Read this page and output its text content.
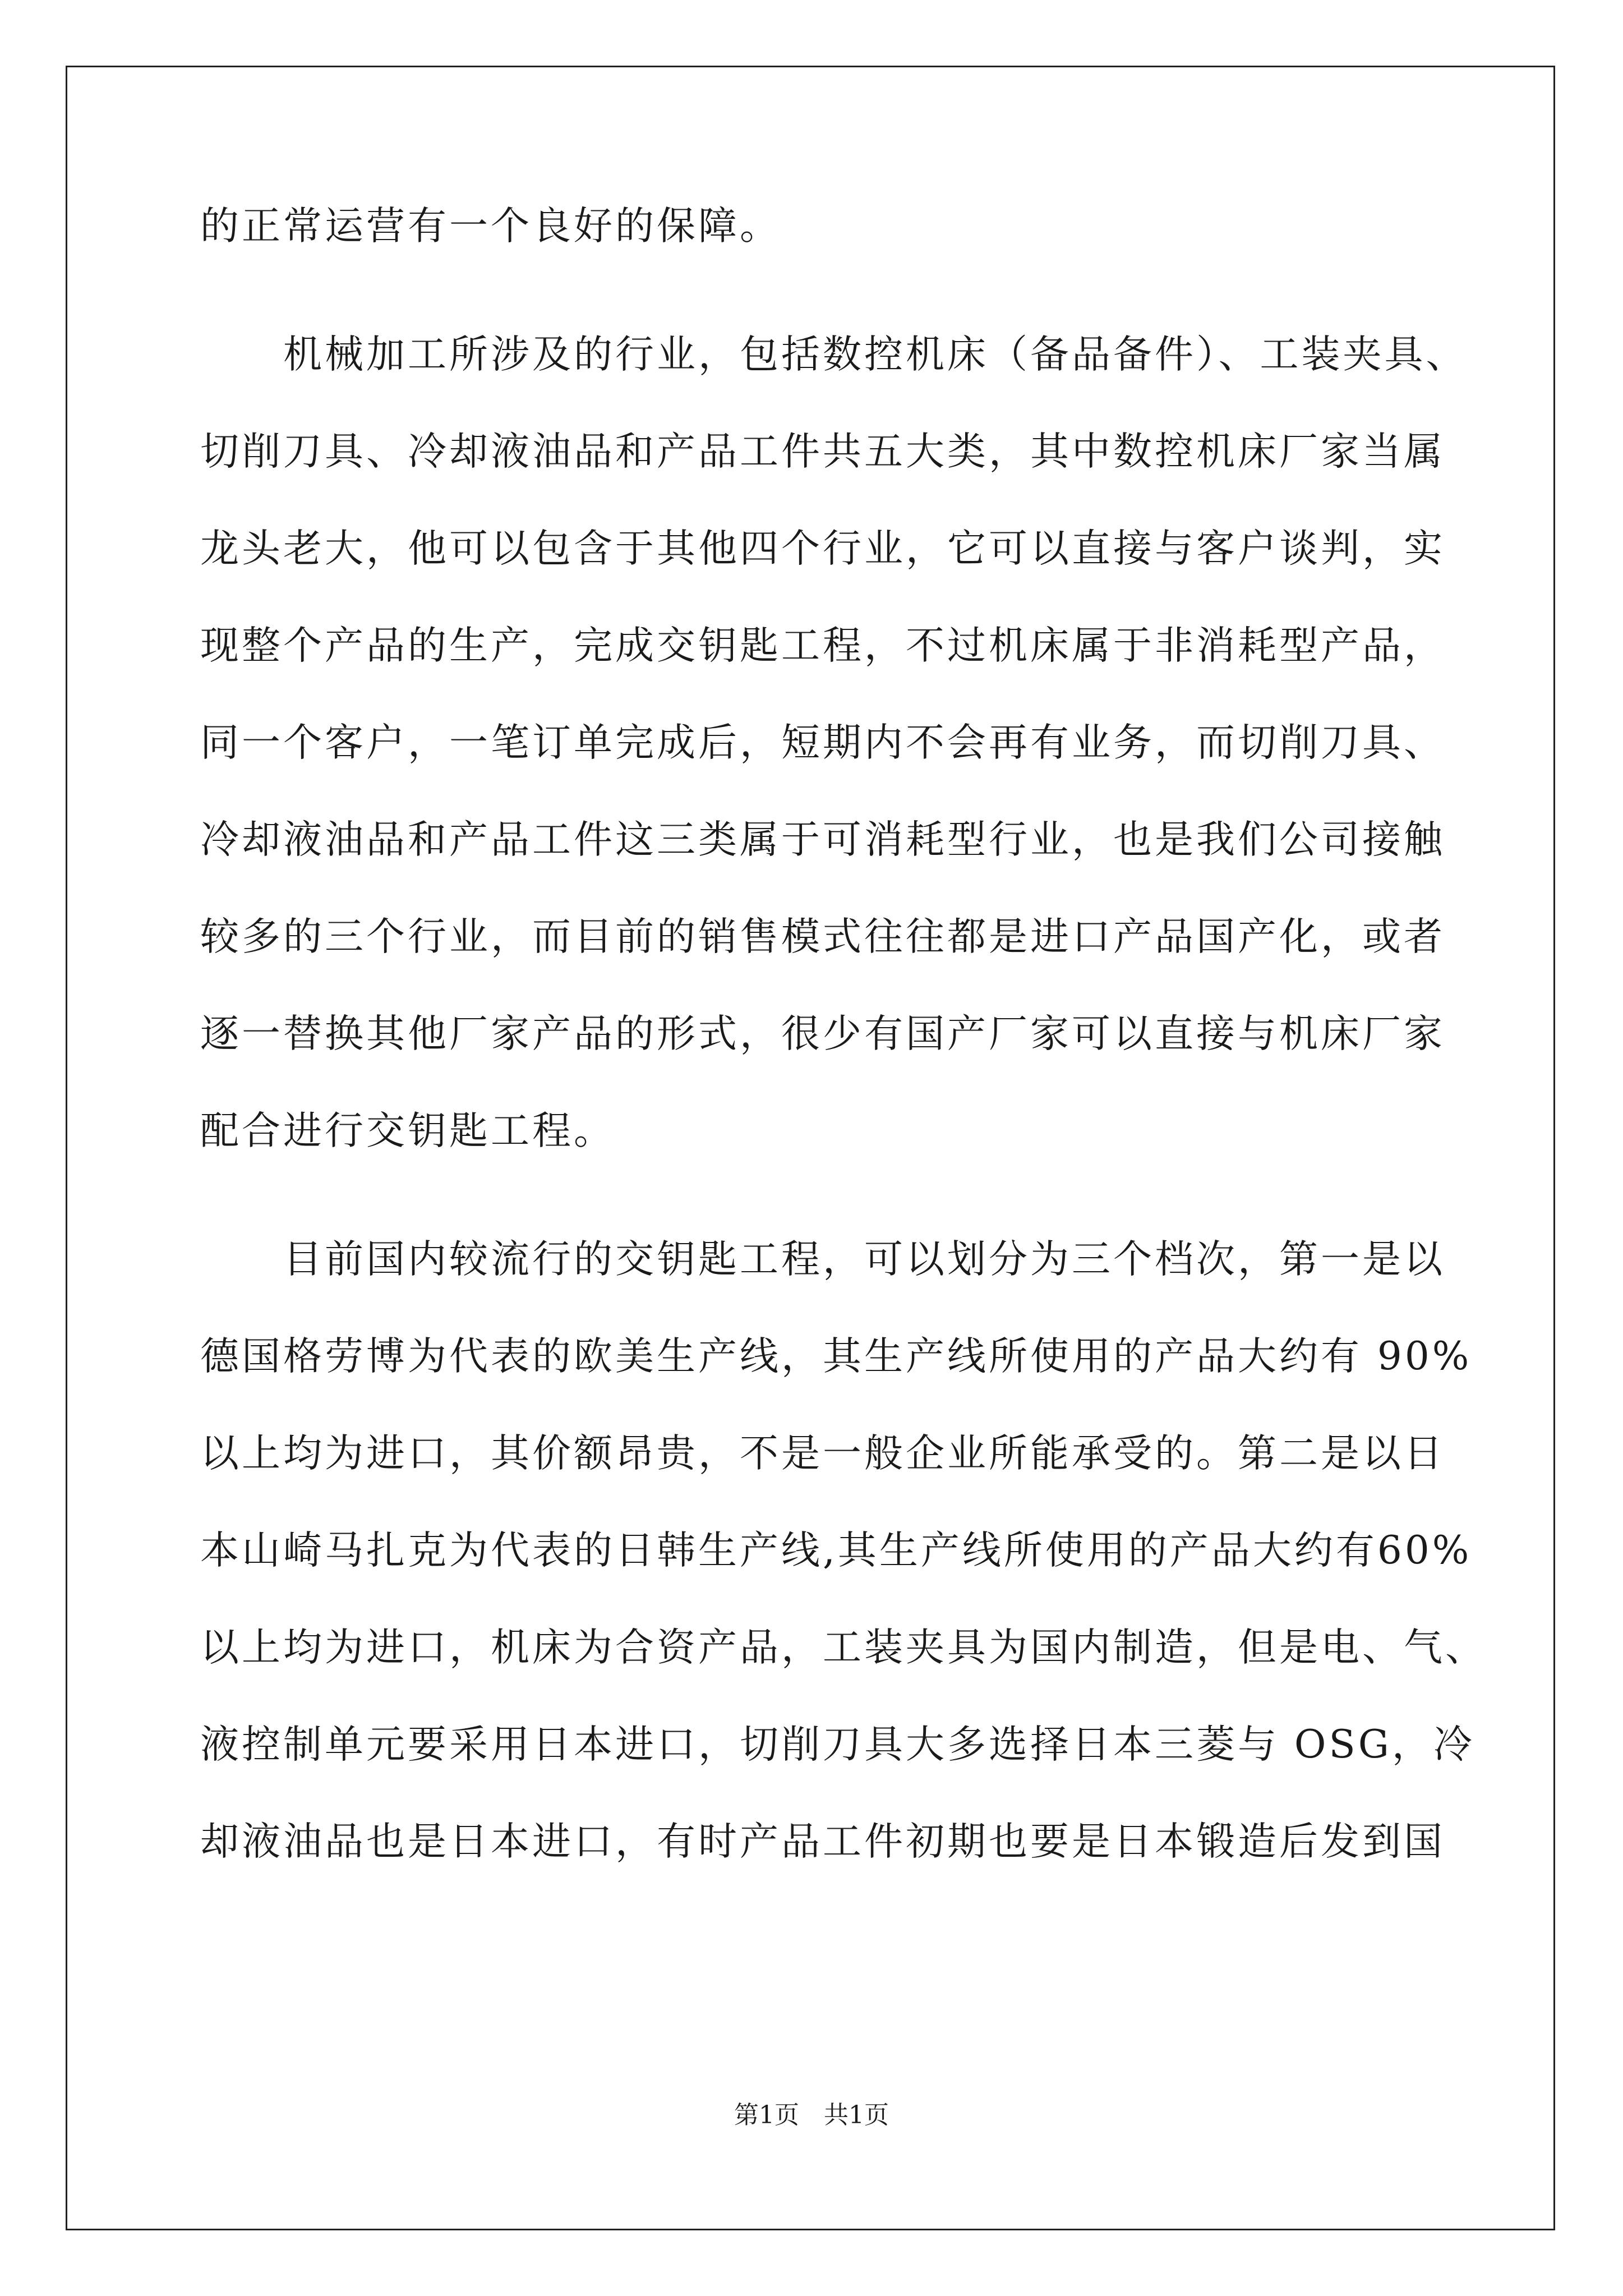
的正常运营有一个良好的保障。
　　机械加工所涉及的行业，包括数控机床（备品备件）、工装夹具、
切削刀具、冷却液油品和产品工件共五大类，其中数控机床厂家当属
龙头老大，他可以包含于其他四个行业，它可以直接与客户谈判，实
现整个产品的生产，完成交钥匙工程，不过机床属于非消耗型产品，
同一个客户，一笔订单完成后，短期内不会再有业务，而切削刀具、
冷却液油品和产品工件这三类属于可消耗型行业，也是我们公司接触
较多的三个行业，而目前的销售模式往往都是进口产品国产化，或者
逐一替换其他厂家产品的形式，很少有国产厂家可以直接与机床厂家
配合进行交钥匙工程。
　　目前国内较流行的交钥匙工程，可以划分为三个档次，第一是以
德国格劳博为代表的欧美生产线，其生产线所使用的产品大约有 90%
以上均为进口，其价额昂贵，不是一般企业所能承受的。第二是以日
本山崎马扎克为代表的日韩生产线,其生产线所使用的产品大约有60%
以上均为进口，机床为合资产品，工装夹具为国内制造，但是电、气、
液控制单元要采用日本进口，切削刀具大多选择日本三菱与 OSG，冷
却液油品也是日本进口，有时产品工件初期也要是日本锻造后发到国
第1页　共1页
